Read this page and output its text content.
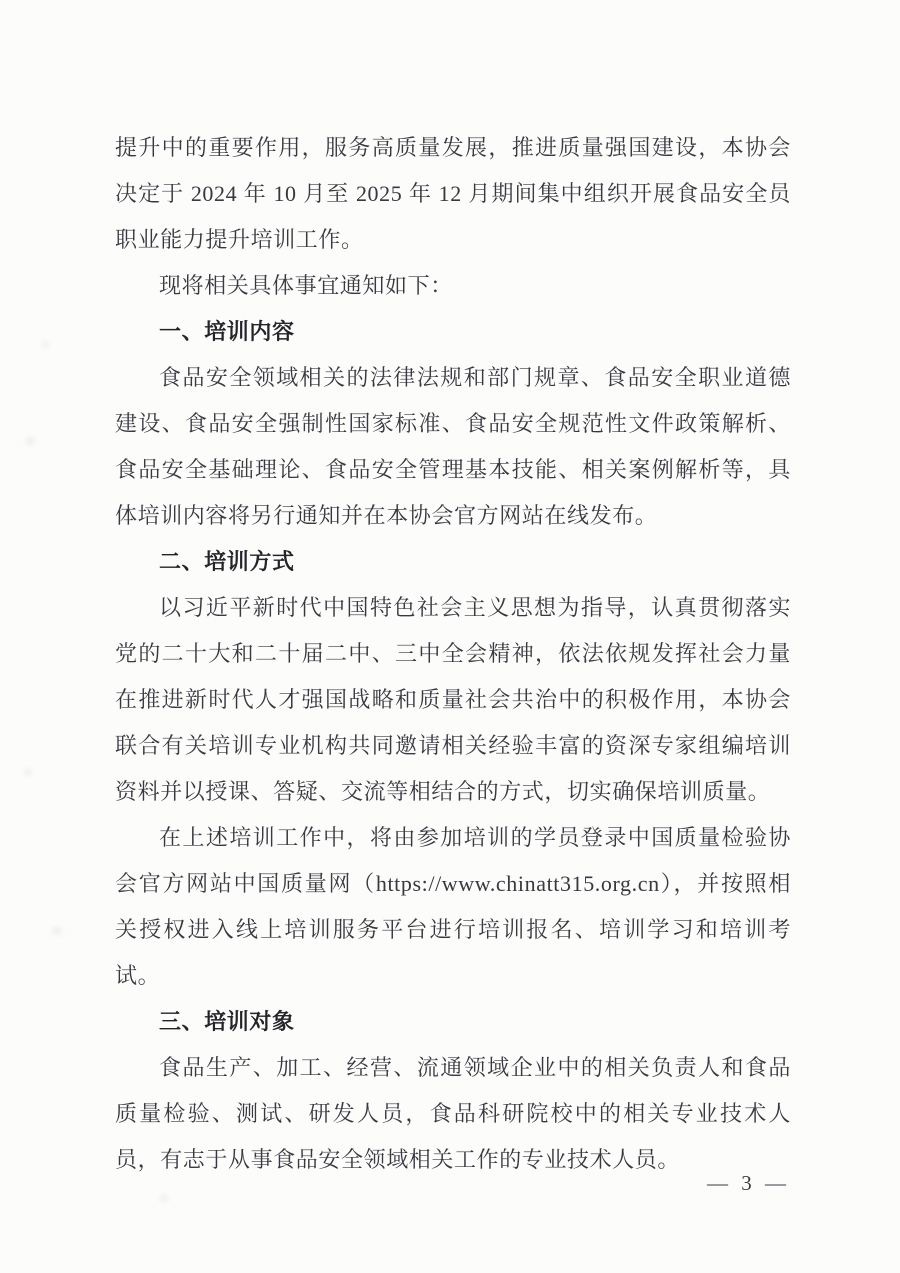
提升中的重要作用，服务高质量发展，推进质量强国建设，本协会决定于 2024 年 10 月至 2025 年 12 月期间集中组织开展食品安全员职业能力提升培训工作。

现将相关具体事宜通知如下：

一、培训内容

食品安全领域相关的法律法规和部门规章、食品安全职业道德建设、食品安全强制性国家标准、食品安全规范性文件政策解析、食品安全基础理论、食品安全管理基本技能、相关案例解析等，具体培训内容将另行通知并在本协会官方网站在线发布。

二、培训方式

以习近平新时代中国特色社会主义思想为指导，认真贯彻落实党的二十大和二十届二中、三中全会精神，依法依规发挥社会力量在推进新时代人才强国战略和质量社会共治中的积极作用，本协会联合有关培训专业机构共同邀请相关经验丰富的资深专家组编培训资料并以授课、答疑、交流等相结合的方式，切实确保培训质量。

在上述培训工作中，将由参加培训的学员登录中国质量检验协会官方网站中国质量网（https://www.chinatt315.org.cn），并按照相关授权进入线上培训服务平台进行培训报名、培训学习和培训考试。

三、培训对象

食品生产、加工、经营、流通领域企业中的相关负责人和食品质量检验、测试、研发人员，食品科研院校中的相关专业技术人员，有志于从事食品安全领域相关工作的专业技术人员。

— 3 —
